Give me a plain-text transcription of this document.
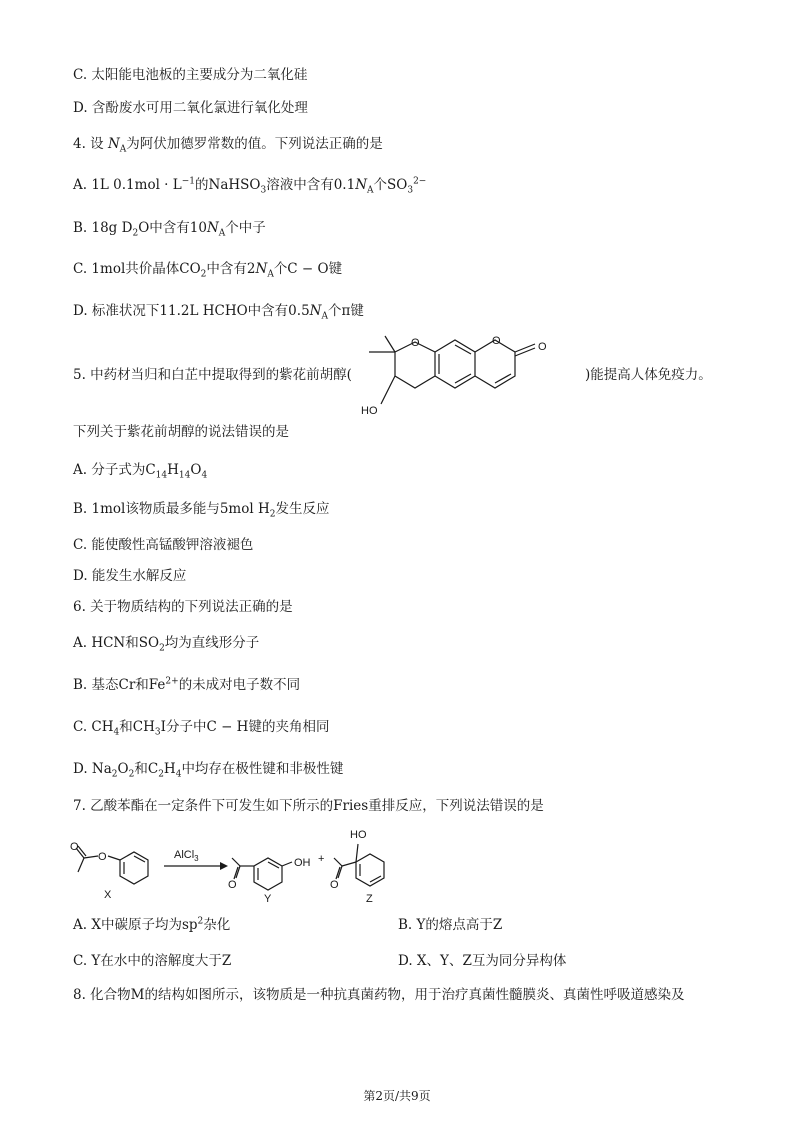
C. 太阳能电池板的主要成分为二氧化硅
D. 含酚废水可用二氧化氯进行氧化处理
4. 设 $N_A$为阿伏加德罗常数的值。下列说法正确的是
A. 1L $0.1mol \cdot L^{-1}$的NaHSO$_3$溶液中含有$0.1N_A$个$SO_3^{2-}$
B. 18g $D_2O$中含有$10N_A$个中子
C. 1mol共价晶体$CO_2$中含有$2N_A$个C − O键
D. 标准状况下11.2L HCHO中含有$0.5N_A$个π键
5. 中药材当归和白芷中提取得到的紫花前胡醇(	)能提高人体免疫力。
HO
O	O	O
下列关于紫花前胡醇的说法错误的是
A. 分子式为$C_{14}H_{14}O_4$
B. 1mol该物质最多能与5mol $H_2$发生反应
C. 能使酸性高锰酸钾溶液褪色
D. 能发生水解反应
6. 关于物质结构的下列说法正确的是
A. HCN和$SO_2$均为直线形分子
B. 基态Cr和$Fe^{2+}$的未成对电子数不同
C. $CH_4$和$CH_3I$分子中C − H键的夹角相同
D. $Na_2O_2$和$C_2H_4$中均存在极性键和非极性键
7. 乙酸苯酯在一定条件下可发生如下所示的Fries重排反应，下列说法错误的是
O
O
X
AlCl$_3$
O
OH
Y
+
O
HO
Z
A. X中碳原子均为$sp^2$杂化	B. Y的熔点高于Z
C. Y在水中的溶解度大于Z	D. X、Y、Z互为同分异构体
8. 化合物M的结构如图所示，该物质是一种抗真菌药物，用于治疗真菌性髓膜炎、真菌性呼吸道感染及
第2页/共9页
